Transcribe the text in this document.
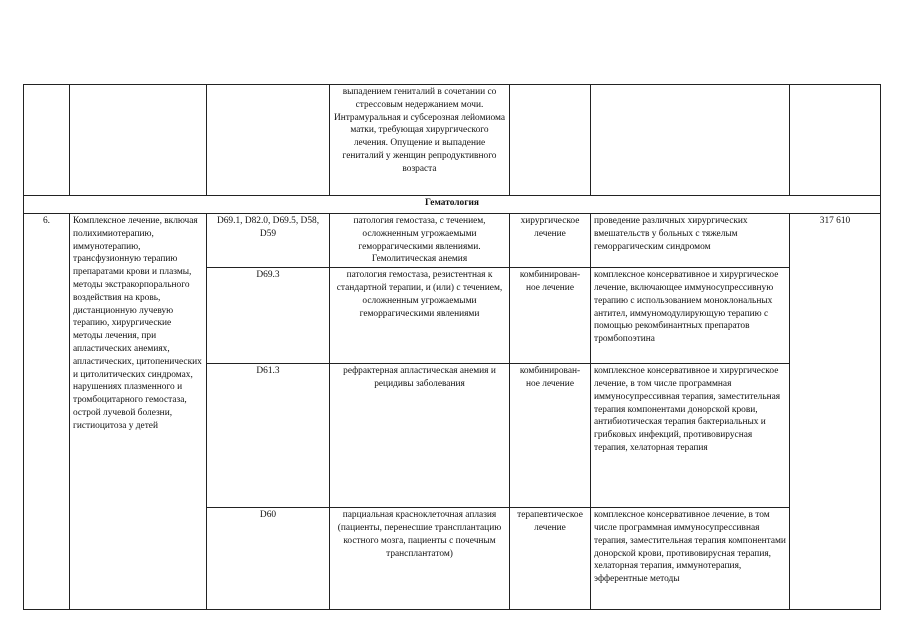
			выпадением гениталий в сочетании со стрессовым недержанием мочи. Интрамуральная и субсерозная лейомиома матки, требующая хирургического лечения. Опущение и выпадение гениталий у женщин репродуктивного возраста			
Гематология						
6.	Комплексное лечение, включая полихимиотерапию, иммунотерапию, трансфузионную терапию препаратами крови и плазмы, методы экстракорпорального воздействия на кровь, дистанционную лучевую терапию, хирургические методы лечения, при апластических анемиях, апластических, цитопенических и цитолитических синдромах, нарушениях плазменного и тромбоцитарного гемостаза, острой лучевой болезни, гистиоцитоза у детей	D69.1, D82.0, D69.5, D58, D59	патология гемостаза, с течением, осложненным угрожаемыми геморрагическими явлениями. Гемолитическая анемия	хирургическое лечение	проведение различных хирургических вмешательств у больных с тяжелым геморрагическим синдромом	317 610
		D69.3	патология гемостаза, резистентная к стандартной терапии, и (или) с течением, осложненным угрожаемыми геморрагическими явлениями	комбинирован-ное лечение	комплексное консервативное и хирургическое лечение, включающее иммуносупрессивную терапию с использованием моноклональных антител, иммуномодулирующую терапию с помощью рекомбинантных препаратов тромбопоэтина	
		D61.3	рефрактерная апластическая анемия и рецидивы заболевания	комбинирован-ное лечение	комплексное консервативное и хирургическое лечение, в том числе программная иммуносупрессивная терапия, заместительная терапия компонентами донорской крови, антибиотическая терапия бактериальных и грибковых инфекций, противовирусная терапия, хелаторная терапия	
		D60	парциальная красноклеточная аплазия (пациенты, перенесшие трансплантацию костного мозга, пациенты с почечным трансплантатом)	терапевтическое лечение	комплексное консервативное лечение, в том числе программная иммуносупрессивная терапия, заместительная терапия компонентами донорской крови, противовирусная терапия, хелаторная терапия, иммунотерапия, эфферентные методы	
